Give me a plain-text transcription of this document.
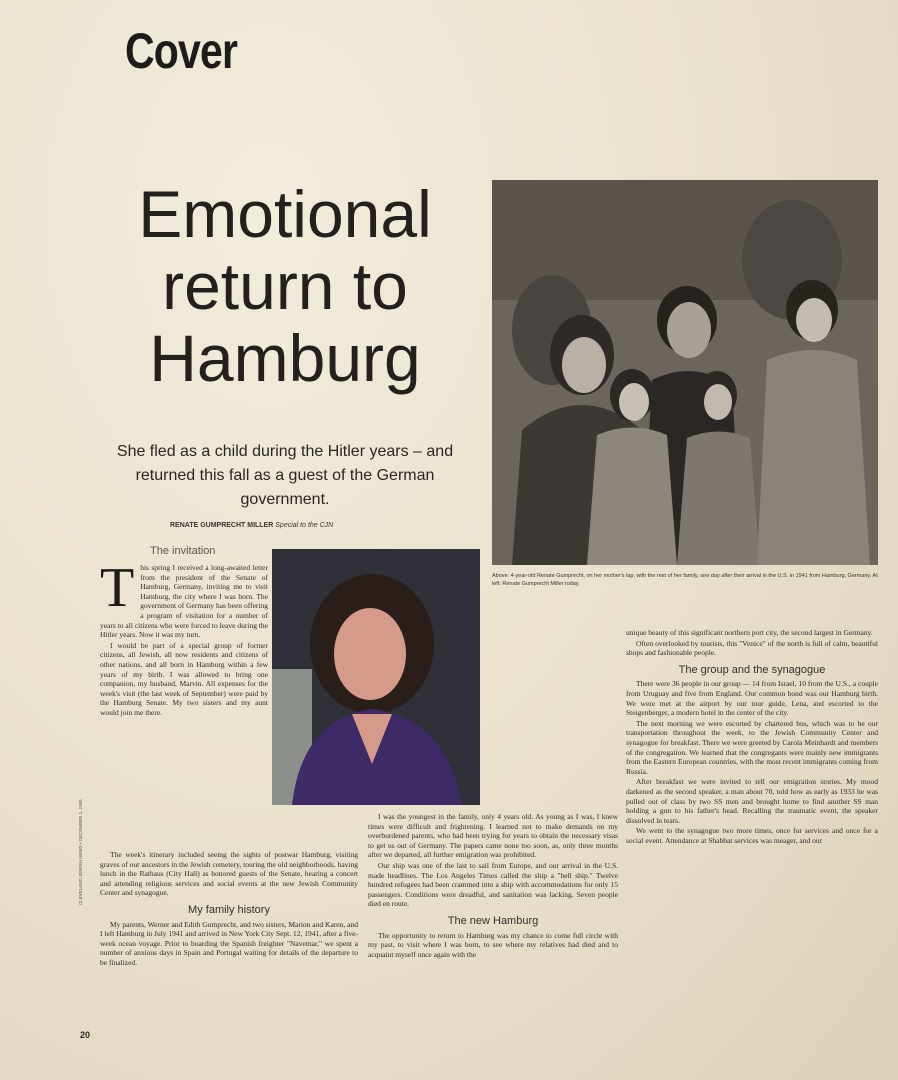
Cover
Emotional return to Hamburg
She fled as a child during the Hitler years – and returned this fall as a guest of the German government.
RENATE GUMPRECHT MILLER Special to the CJN
The invitation
Above: 4-year-old Renate Gumprecht, on her mother's lap, with the rest of her family, one day after their arrival in the U.S. in 1941 from Hamburg, Germany. At left: Renate Gumprecht Miller today.

This spring I received a long-awaited letter from the president of the Senate of Hamburg, Germany, inviting me to visit Hamburg, the city where I was born. The government of Germany has been offering a program of visitation for a number of years to all citizens who were forced to leave during the Hitler years. Now it was my turn.

I would be part of a special group of former citizens, all Jewish, all now residents and citizens of other nations, and all born in Hamburg within a few years of my birth. I was allowed to bring one companion, my husband, Marvin. All expenses for the week's visit (the last week of September) were paid by the Hamburg Senate. My two sisters and my aunt would join me there.

The week's itinerary included seeing the sights of postwar Hamburg, visiting graves of our ancestors in the Jewish cemetery, touring the old neighborhoods, having lunch in the Rathaus (City Hall) as honored guests of the Senate, hearing a concert and attending religious services and social events at the new Jewish Community Center and synagogue.

My family history

My parents, Werner and Edith Gumprecht, and two sisters, Marion and Karen, and I left Hamburg in July 1941 and arrived in New York City Sept. 12, 1941, after a five-week ocean voyage. Prior to boarding the Spanish freighter "Navemar," we spent a number of anxious days in Spain and Portugal waiting for details of the departure to be finalized.

I was the youngest in the family, only 4 years old. As young as I was, I knew times were difficult and frightening. I learned not to make demands on my overburdened parents, who had been trying for years to obtain the necessary visas to get us out of Germany. The papers came none too soon, as, only three months after we departed, all further emigration was prohibited.

Our ship was one of the last to sail from Europe, and our arrival in the U.S. made headlines. The Los Angeles Times called the ship a "hell ship." Twelve hundred refugees had been crammed into a ship with accommodations for only 15 passengers. Conditions were dreadful, and sanitation was lacking. Seven people died en route.

The new Hamburg

The opportunity to return to Hamburg was my chance to come full circle with my past, to visit where I was born, to see where my relatives had died and to acquaint myself once again with the

unique beauty of this significant northern port city, the second largest in Germany.

Often overlooked by tourists, this "Venice" of the north is full of calm, beautiful shops and fashionable people.

The group and the synagogue

There were 36 people in our group — 14 from Israel, 10 from the U.S., a couple from Uruguay and five from England. Our common bond was our Hamburg birth. We were met at the airport by our tour guide, Lena, and escorted to the Steigenberger, a modern hotel in the center of the city.

The next morning we were escorted by chartered bus, which was to be our transportation throughout the week, to the Jewish Community Center and synagogue for breakfast. There we were greeted by Carola Meinhardt and members of the congregation. We learned that the congregants were mainly new immigrants from the Eastern European countries, with the most recent immigrants coming from Russia.

After breakfast we were invited to tell our emigration stories. My mood darkened as the second speaker, a man about 70, told how as early as 1933 he was pulled out of class by two SS men and brought home to find another SS man holding a gun to his father's head. Recalling the traumatic event, the speaker dissolved in tears.

We went to the synagogue two more times, once for services and once for a social event. Attendance at Shabbat services was meager, and our

CLEVELAND JEWISH NEWS • DECEMBER 1, 1995
20
